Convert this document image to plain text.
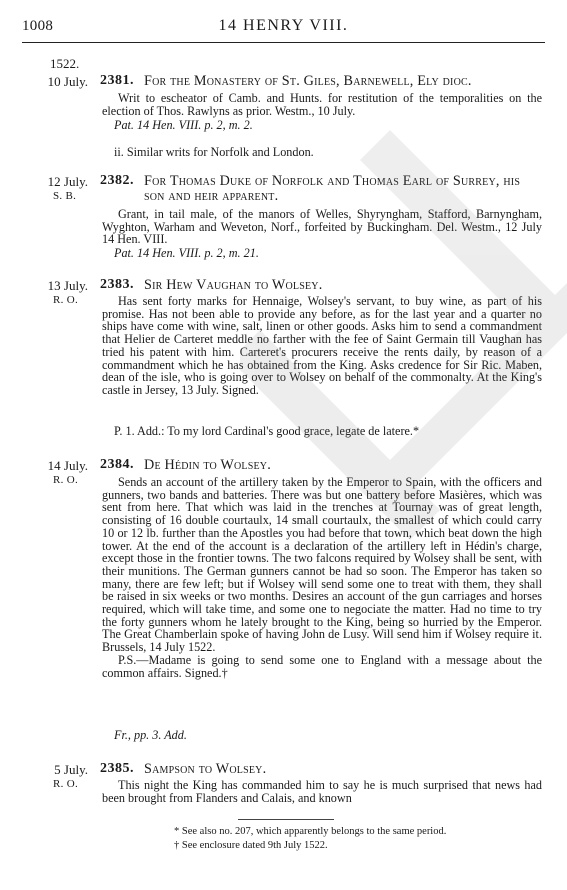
1008	14 HENRY VIII.
1522.
10 July. 2381. For the Monastery of St. Giles, Barnewell, Ely dioc.

Writ to escheator of Camb. and Hunts. for restitution of the temporalities on the election of Thos. Rawlyns as prior. Westm., 10 July.

Pat. 14 Hen. VIII. p. 2, m. 2.
ii. Similar writs for Norfolk and London.
12 July.
S. B.
2382. For Thomas Duke of Norfolk and Thomas Earl of Surrey, his son and heir apparent.

Grant, in tail male, of the manors of Welles, Shyryngham, Stafford, Barnyngham, Wyghton, Warham and Weveton, Norf., forfeited by Buckingham. Del. Westm., 12 July 14 Hen. VIII.

Pat. 14 Hen. VIII. p. 2, m. 21.
13 July.
R. O.
2383. Sir Hew Vaughan to Wolsey.

Has sent forty marks for Hennaige, Wolsey's servant, to buy wine, as part of his promise. Has not been able to provide any before, as for the last year and a quarter no ships have come with wine, salt, linen or other goods. Asks him to send a commandment that Helier de Carteret meddle no farther with the fee of Saint Germain till Vaughan has tried his patent with him. Carteret's procurers receive the rents daily, by reason of a commandment which he has obtained from the King. Asks credence for Sir Ric. Maben, dean of the isle, who is going over to Wolsey on behalf of the commonalty. At the King's castle in Jersey, 13 July. Signed.

P. 1. Add.: To my lord Cardinal's good grace, legate de latere.*
14 July.
R. O.
2384. De Hédin to Wolsey.

Sends an account of the artillery taken by the Emperor to Spain, with the officers and gunners, two bands and batteries. There was but one battery before Masières, which was sent from here. That which was laid in the trenches at Tournay was of great length, consisting of 16 double courtaulx, 14 small courtaulx, the smallest of which could carry 10 or 12 lb. further than the Apostles you had before that town, which beat down the high tower. At the end of the account is a declaration of the artillery left in Hédin's charge, except those in the frontier towns. The two falcons required by Wolsey shall be sent, with their munitions. The German gunners cannot be had so soon. The Emperor has taken so many, there are few left; but if Wolsey will send some one to treat with them, they shall be raised in six weeks or two months. Desires an account of the gun carriages and horses required, which will take time, and some one to negociate the matter. Had no time to try the forty gunners whom he lately brought to the King, being so hurried by the Emperor. The Great Chamberlain spoke of having John de Lusy. Will send him if Wolsey require it. Brussels, 14 July 1522.

P.S.—Madame is going to send some one to England with a message about the common affairs. Signed.†

Fr., pp. 3. Add.
5 July.
R. O.
2385. Sampson to Wolsey.

This night the King has commanded him to say he is much surprised that news had been brought from Flanders and Calais, and known

* See also no. 207, which apparently belongs to the same period.
† See enclosure dated 9th July 1522.
